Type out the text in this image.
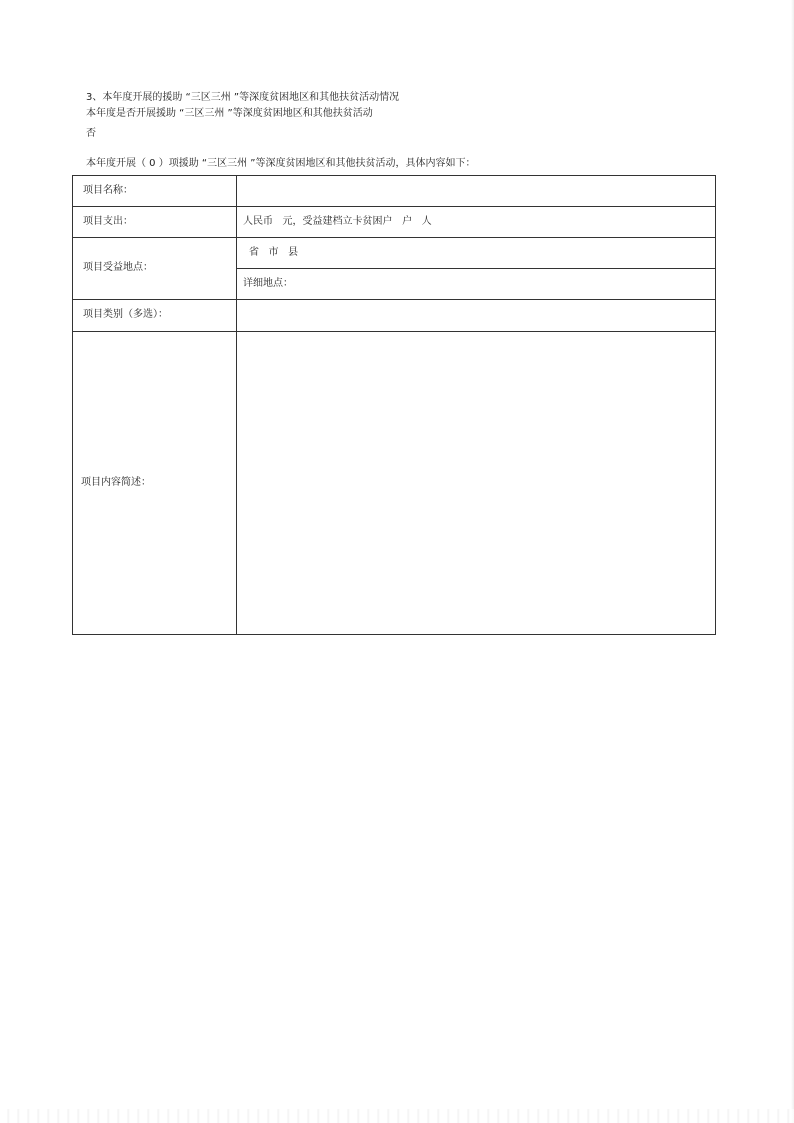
3、本年度开展的援助 “三区三州 ”等深度贫困地区和其他扶贫活动情况
本年度是否开展援助 “三区三州 ”等深度贫困地区和其他扶贫活动
否
本年度开展（ 0 ）项援助 “三区三州 ”等深度贫困地区和其他扶贫活动，具体内容如下：
项目名称：
项目支出：	人民币   元，受益建档立卡贫困户   户   人
项目受益地点：
省   市   县
详细地点：
项目类别（多选）：
项目内容简述：
